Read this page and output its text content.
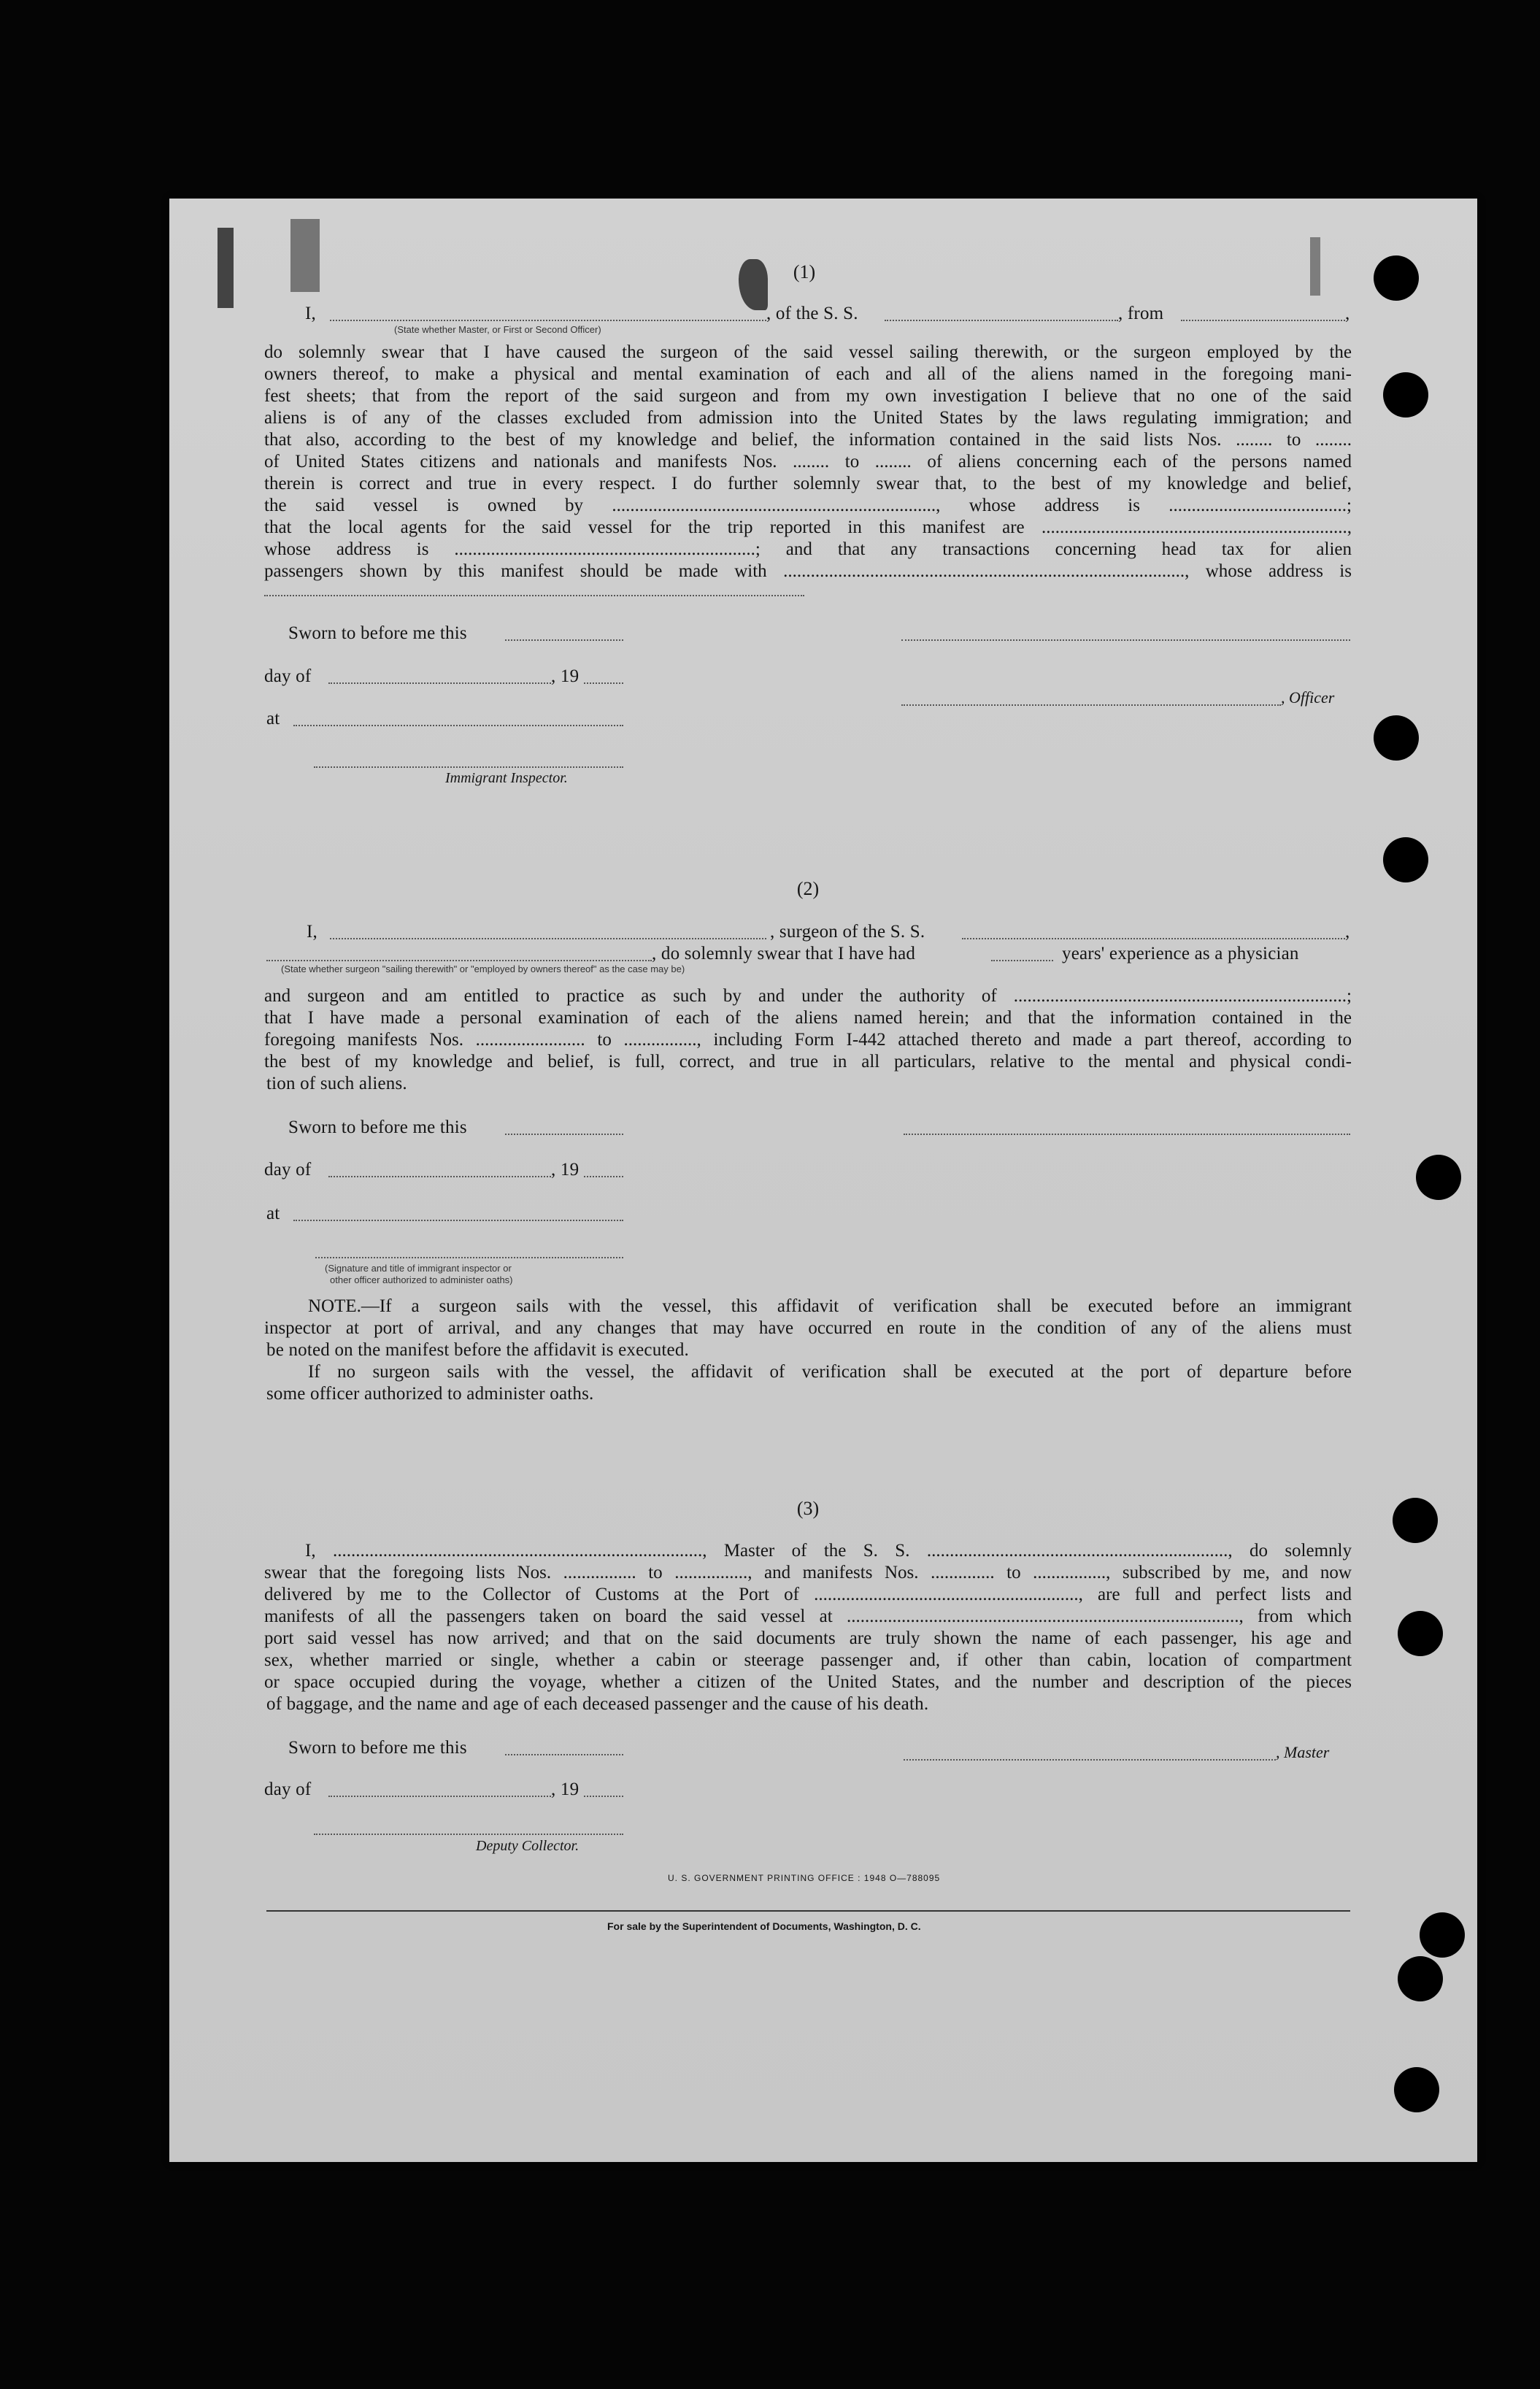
(1)
I,	, of the S. S.	, from	,
(State whether Master, or First or Second Officer)
do solemnly swear that I have caused the surgeon of the said vessel sailing therewith, or the surgeon employed by the
owners thereof, to make a physical and mental examination of each and all of the aliens named in the foregoing mani-
fest sheets; that from the report of the said surgeon and from my own investigation I believe that no one of the said
aliens is of any of the classes excluded from admission into the United States by the laws regulating immigration; and
that also, according to the best of my knowledge and belief, the information contained in the said lists Nos. ........ to ........
of United States citizens and nationals and manifests Nos. ........ to ........ of aliens concerning each of the persons named
therein is correct and true in every respect. I do further solemnly swear that, to the best of my knowledge and belief,
the said vessel is owned by ......................................................................., whose address is .......................................;
that the local agents for the said vessel for the trip reported in this manifest are ...................................................................,
whose address is ..................................................................; and that any transactions concerning head tax for alien
passengers shown by this manifest should be made with ........................................................................................, whose address is
Sworn to before me this
day of	, 19
, Officer
at
Immigrant Inspector.
(2)
I,	, surgeon of the S. S.	,
, do solemnly swear that I have had	years' experience as a physician
(State whether surgeon "sailing therewith" or "employed by owners thereof" as the case may be)
and surgeon and am entitled to practice as such by and under the authority of .........................................................................;
that I have made a personal examination of each of the aliens named herein; and that the information contained in the
foregoing manifests Nos. ........................ to ................, including Form I-442 attached thereto and made a part thereof, according to
the best of my knowledge and belief, is full, correct, and true in all particulars, relative to the mental and physical condi-
tion of such aliens.
Sworn to before me this
day of	, 19
at
(Signature and title of immigrant inspector or
other officer authorized to administer oaths)
NOTE.—If a surgeon sails with the vessel, this affidavit of verification shall be executed before an immigrant
inspector at port of arrival, and any changes that may have occurred en route in the condition of any of the aliens must
be noted on the manifest before the affidavit is executed.
If no surgeon sails with the vessel, the affidavit of verification shall be executed at the port of departure before
some officer authorized to administer oaths.
(3)
I, ................................................................................., Master of the S. S. .................................................................., do solemnly
swear that the foregoing lists Nos. ................ to ................, and manifests Nos. .............. to ................, subscribed by me, and now
delivered by me to the Collector of Customs at the Port of .........................................................., are full and perfect lists and
manifests of all the passengers taken on board the said vessel at ......................................................................................, from which
port said vessel has now arrived; and that on the said documents are truly shown the name of each passenger, his age and
sex, whether married or single, whether a cabin or steerage passenger and, if other than cabin, location of compartment
or space occupied during the voyage, whether a citizen of the United States, and the number and description of the pieces
of baggage, and the name and age of each deceased passenger and the cause of his death.
Sworn to before me this	, Master
day of	, 19
Deputy Collector.
U. S. GOVERNMENT PRINTING OFFICE : 1948 O—788095
For sale by the Superintendent of Documents, Washington, D. C.
